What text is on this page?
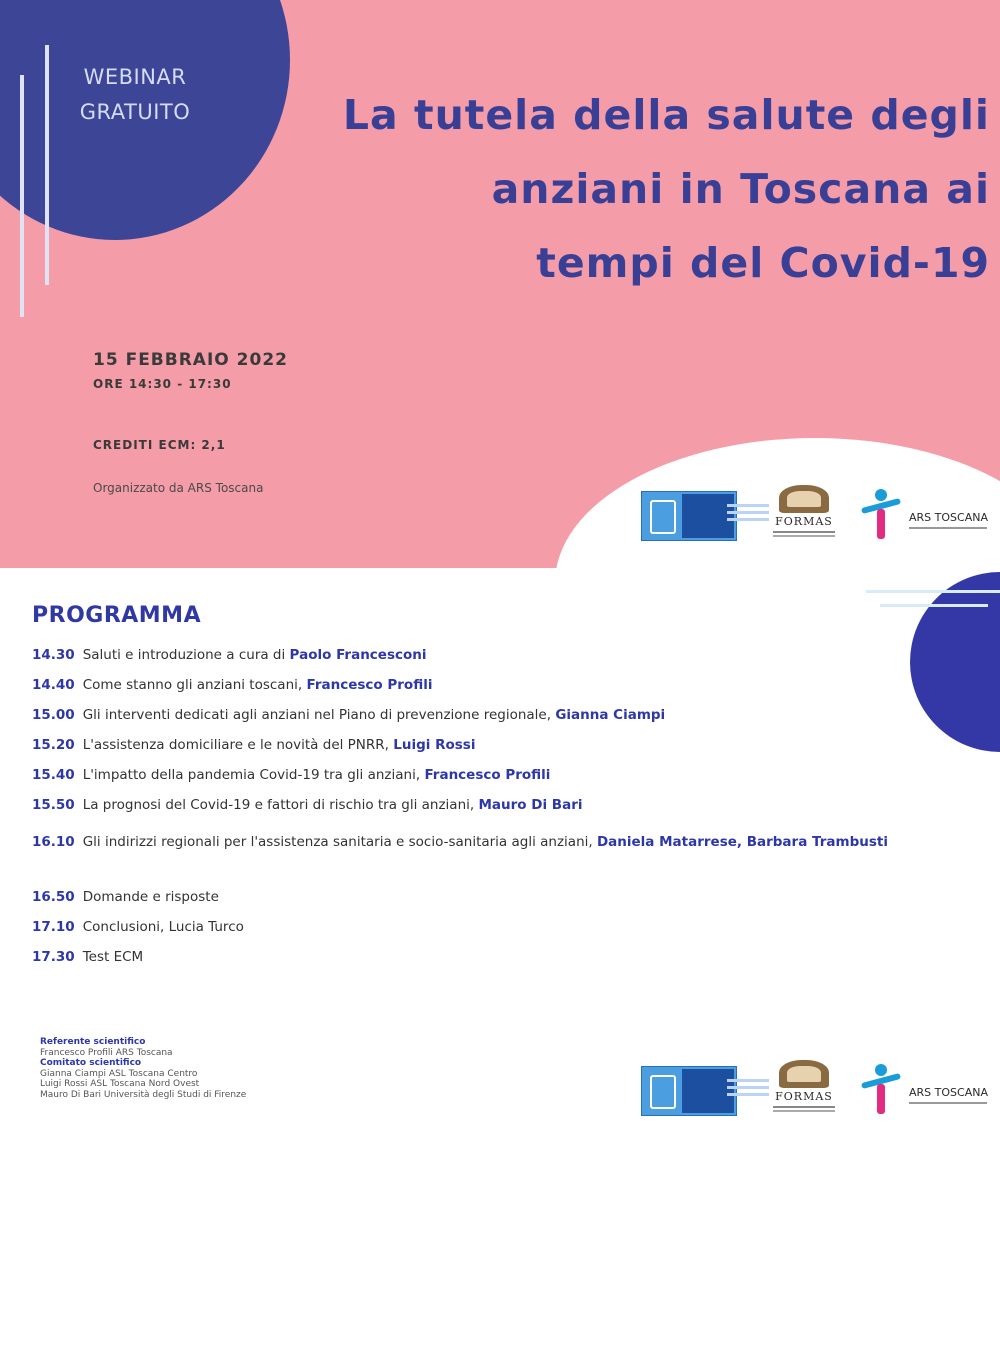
WEBINAR
GRATUITO	La tutela della salute degli
anziani in Toscana ai
tempi del Covid-19
15 FEBBRAIO 2022
ORE 14:30 - 17:30
CREDITI ECM: 2,1
Organizzato da ARS Toscana
FORMAS	ARS TOSCANA
PROGRAMMA
14.30 Saluti e introduzione a cura di Paolo Francesconi
14.40 Come stanno gli anziani toscani, Francesco Profili
15.00 Gli interventi dedicati agli anziani nel Piano di prevenzione regionale, Gianna Ciampi
15.20 L'assistenza domiciliare e le novità del PNRR, Luigi Rossi
15.40 L'impatto della pandemia Covid-19 tra gli anziani, Francesco Profili
15.50 La prognosi del Covid-19 e fattori di rischio tra gli anziani, Mauro Di Bari
16.10 Gli indirizzi regionali per l'assistenza sanitaria e socio-sanitaria agli anziani, Daniela Matarrese, Barbara Trambusti
16.50 Domande e risposte
17.10 Conclusioni, Lucia Turco
17.30 Test ECM
Referente scientifico
Francesco Profili ARS Toscana
Comitato scientifico
Gianna Ciampi ASL Toscana Centro
Luigi Rossi ASL Toscana Nord Ovest
Mauro Di Bari Università degli Studi di Firenze	FORMAS	ARS TOSCANA
